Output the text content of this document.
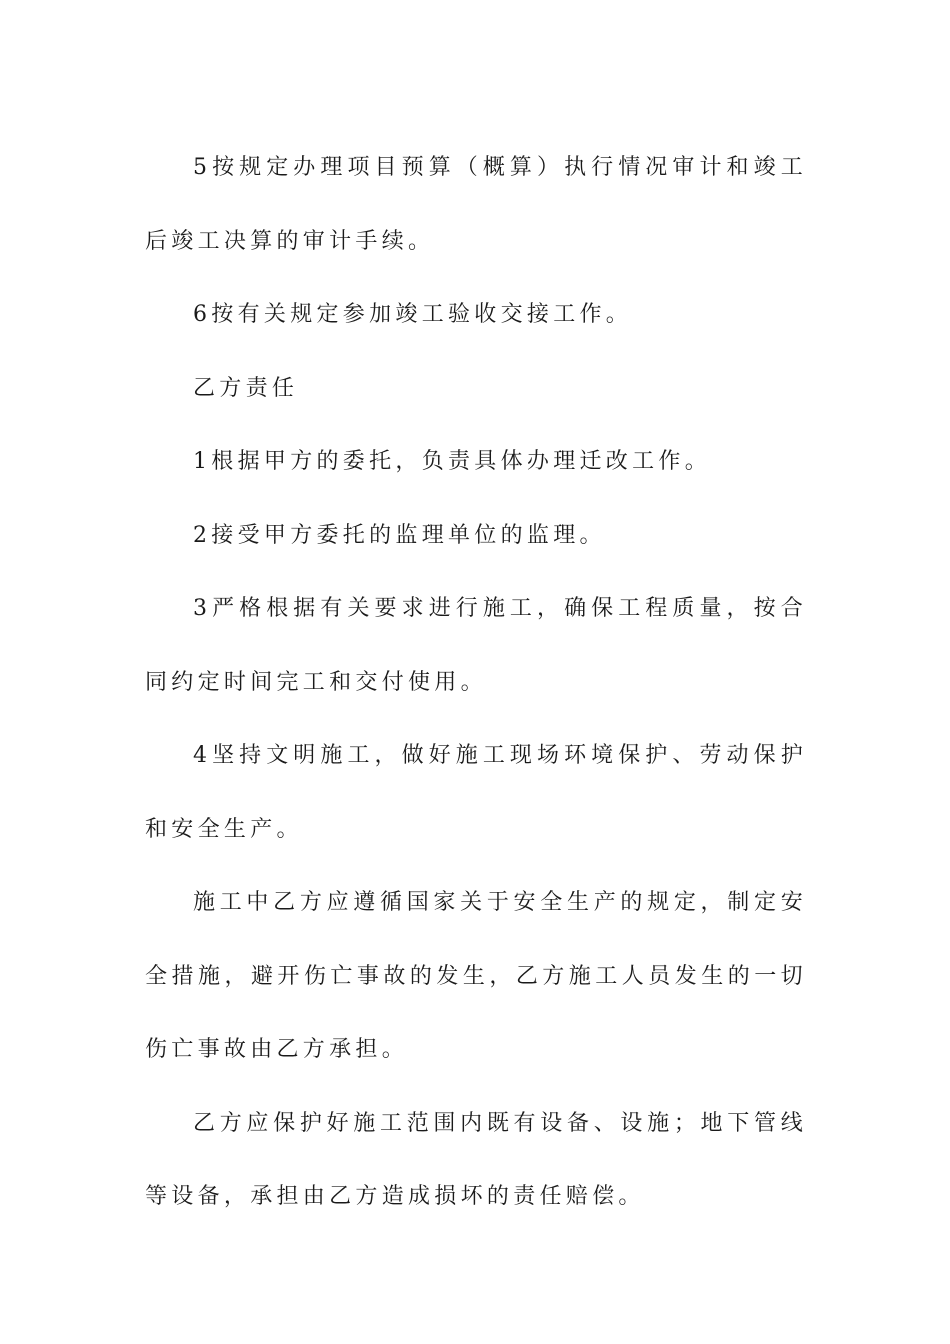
5按规定办理项目预算（概算）执行情况审计和竣工后竣工决算的审计手续。

6按有关规定参加竣工验收交接工作。

乙方责任

1根据甲方的委托，负责具体办理迁改工作。

2接受甲方委托的监理单位的监理。

3严格根据有关要求进行施工，确保工程质量，按合同约定时间完工和交付使用。

4坚持文明施工，做好施工现场环境保护、劳动保护和安全生产。

施工中乙方应遵循国家关于安全生产的规定，制定安全措施，避开伤亡事故的发生，乙方施工人员发生的一切伤亡事故由乙方承担。

乙方应保护好施工范围内既有设备、设施；地下管线等设备，承担由乙方造成损坏的责任赔偿。
